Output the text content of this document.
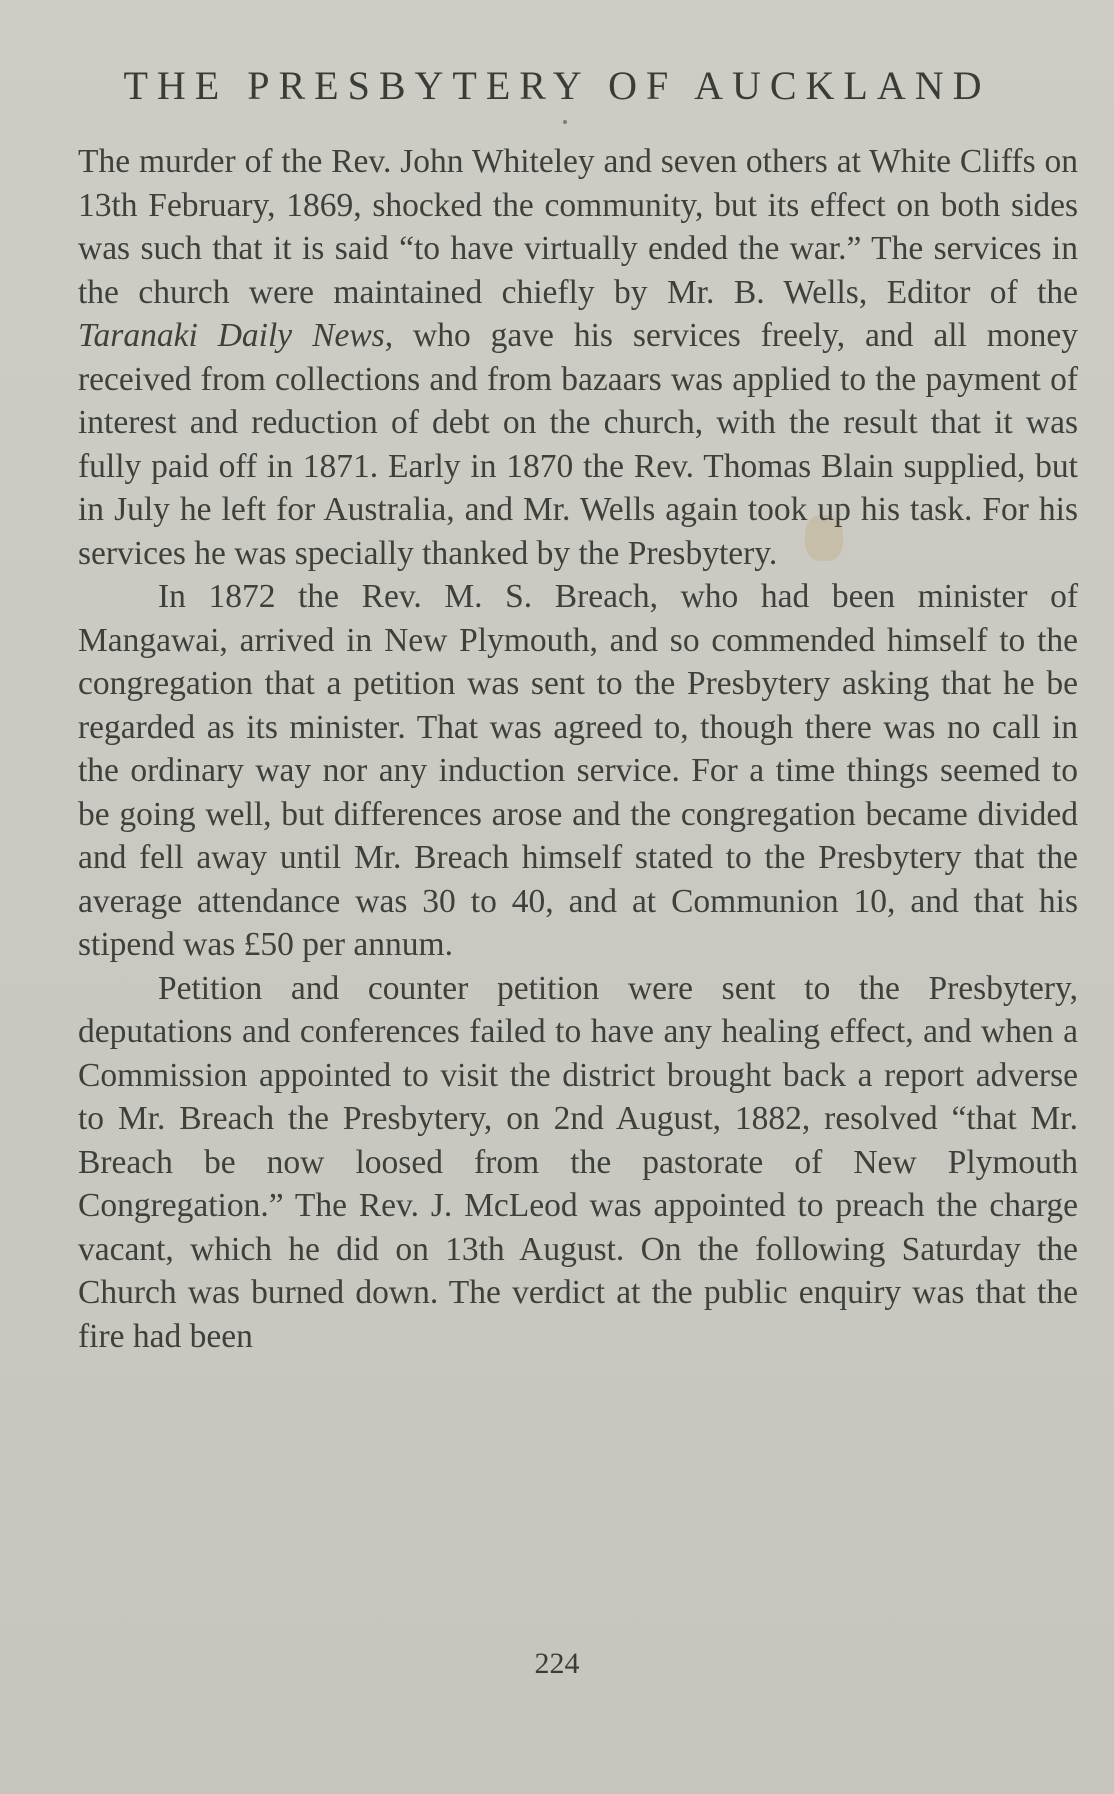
THE PRESBYTERY OF AUCKLAND

The murder of the Rev. John Whiteley and seven others at White Cliffs on 13th February, 1869, shocked the community, but its effect on both sides was such that it is said “to have virtually ended the war.” The services in the church were maintained chiefly by Mr. B. Wells, Editor of the Taranaki Daily News, who gave his services freely, and all money received from collections and from bazaars was applied to the payment of interest and reduction of debt on the church, with the result that it was fully paid off in 1871. Early in 1870 the Rev. Thomas Blain supplied, but in July he left for Australia, and Mr. Wells again took up his task. For his services he was specially thanked by the Presbytery.

In 1872 the Rev. M. S. Breach, who had been minister of Mangawai, arrived in New Plymouth, and so commended himself to the congregation that a petition was sent to the Presbytery asking that he be regarded as its minister. That was agreed to, though there was no call in the ordinary way nor any induction service. For a time things seemed to be going well, but differences arose and the congregation became divided and fell away until Mr. Breach himself stated to the Presbytery that the average attendance was 30 to 40, and at Communion 10, and that his stipend was £50 per annum.

Petition and counter petition were sent to the Presbytery, deputations and conferences failed to have any healing effect, and when a Commission appointed to visit the district brought back a report adverse to Mr. Breach the Presbytery, on 2nd August, 1882, resolved “that Mr. Breach be now loosed from the pastorate of New Plymouth Congregation.” The Rev. J. McLeod was appointed to preach the charge vacant, which he did on 13th August. On the following Saturday the Church was burned down. The verdict at the public enquiry was that the fire had been

224
